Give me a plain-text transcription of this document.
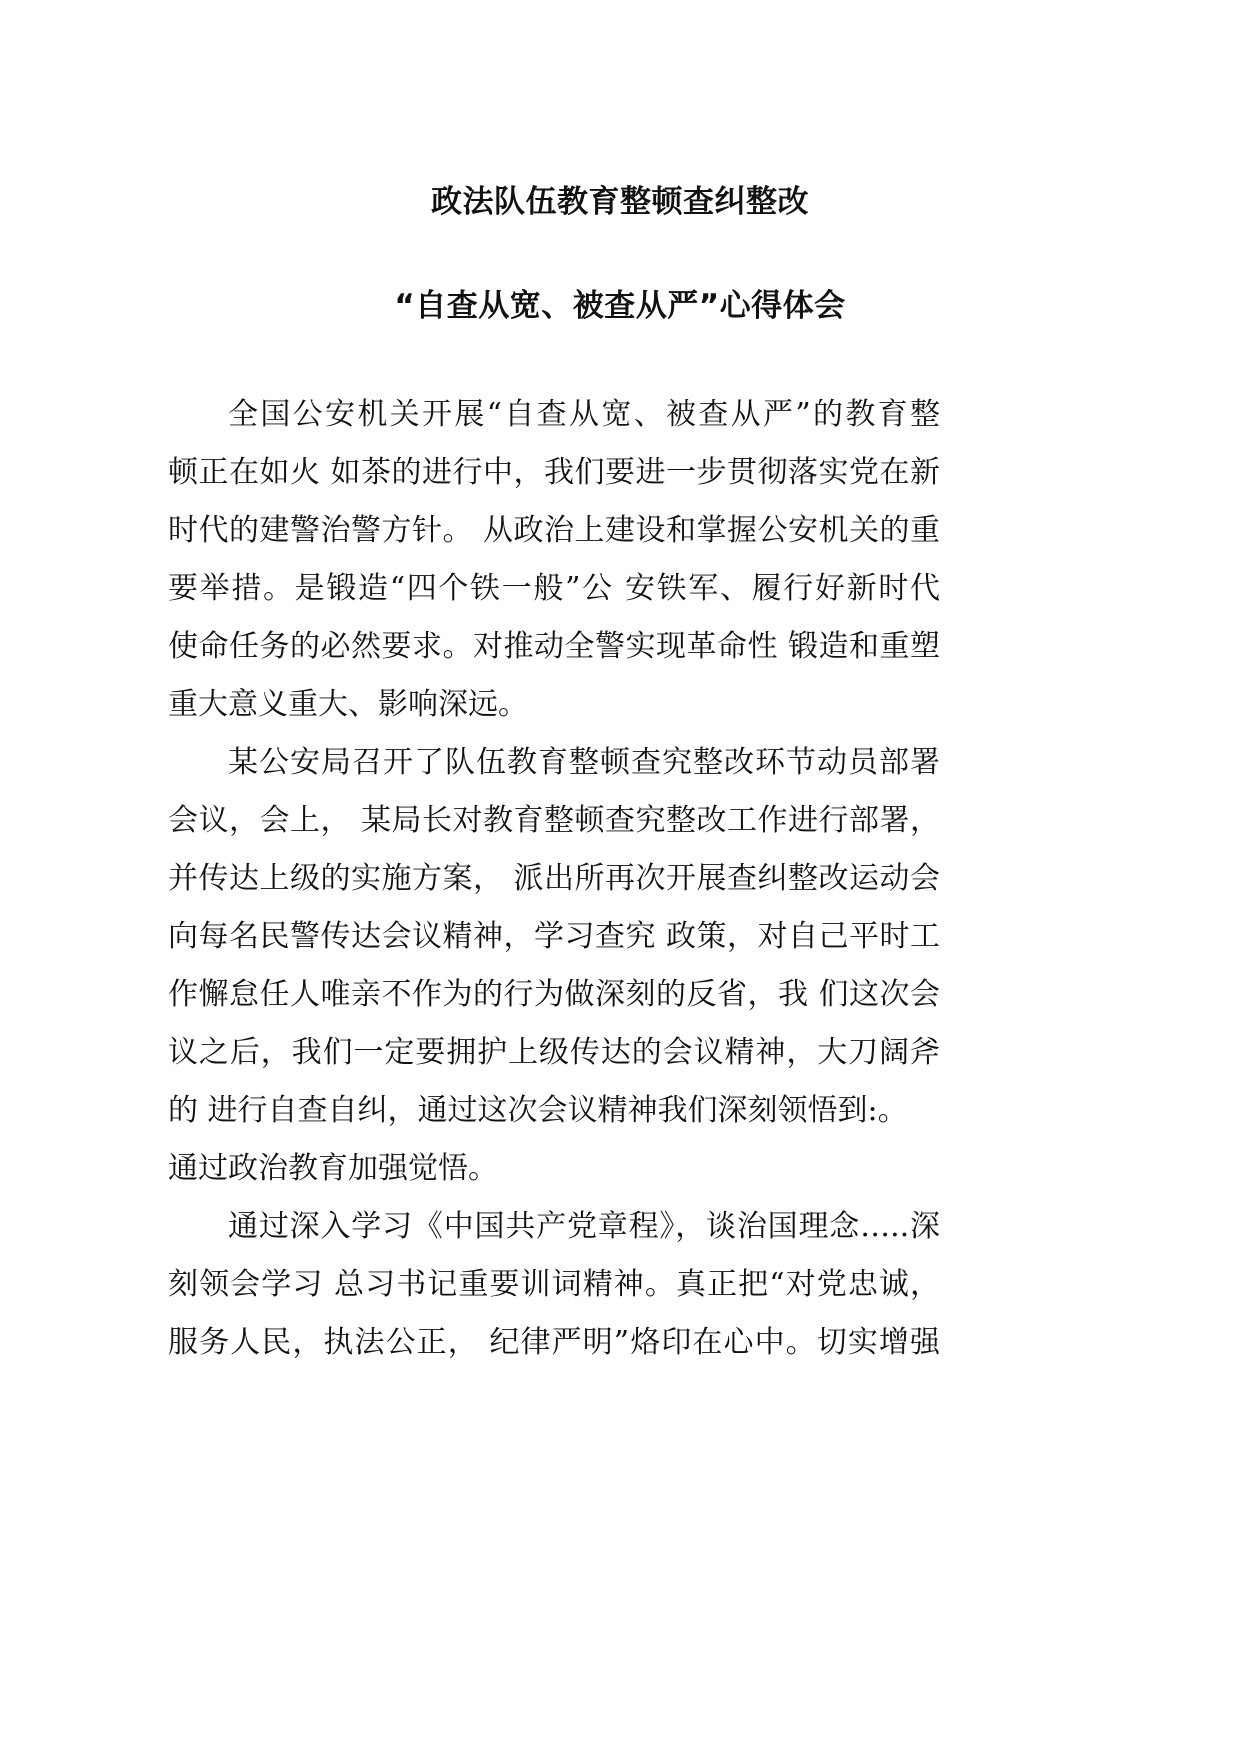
政法队伍教育整顿查纠整改
“自查从宽、被查从严”心得体会
全国公安机关开展“自查从宽、被查从严”的教育整
顿正在如火 如茶的进行中，我们要进一步贯彻落实党在新
时代的建警治警方针。 从政治上建设和掌握公安机关的重
要举措。是锻造“四个铁一般”公 安铁军、履行好新时代
使命任务的必然要求。对推动全警实现革命性 锻造和重塑
重大意义重大、影响深远。
某公安局召开了队伍教育整顿查究整改环节动员部署
会议，会上， 某局长对教育整顿查究整改工作进行部署，
并传达上级的实施方案， 派出所再次开展查纠整改运动会
向每名民警传达会议精神，学习查究 政策，对自己平时工
作懈怠任人唯亲不作为的行为做深刻的反省，我 们这次会
议之后，我们一定要拥护上级传达的会议精神，大刀阔斧
的 进行自查自纠，通过这次会议精神我们深刻领悟到:。
通过政治教育加强觉悟。
通过深入学习《中国共产党章程》，谈治国理念…..深
刻领会学习 总习书记重要训词精神。真正把“对党忠诚，
服务人民，执法公正， 纪律严明”烙印在心中。切实增强
